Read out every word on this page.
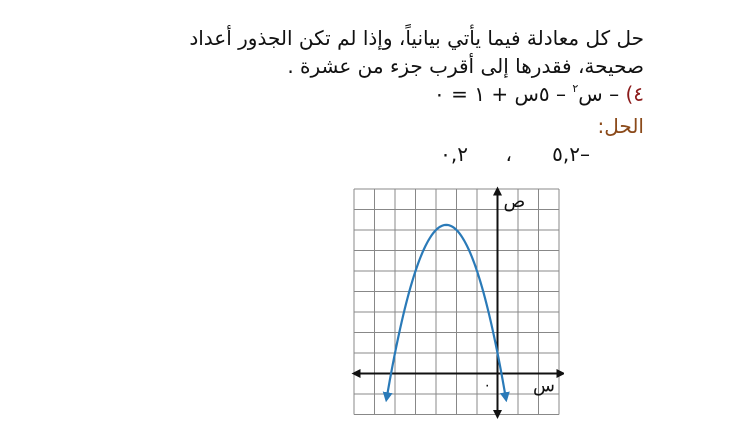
حل كل معادلة فيما يأتي بيانياً، وإذا لم تكن الجذور أعداد
صحيحة، فقدرها إلى أقرب جزء من عشرة .
٤) – س$^٢$ – ٥س + ١ = ٠
الحل:
–٥,٢
،
٠,٢
ص
س
٠
